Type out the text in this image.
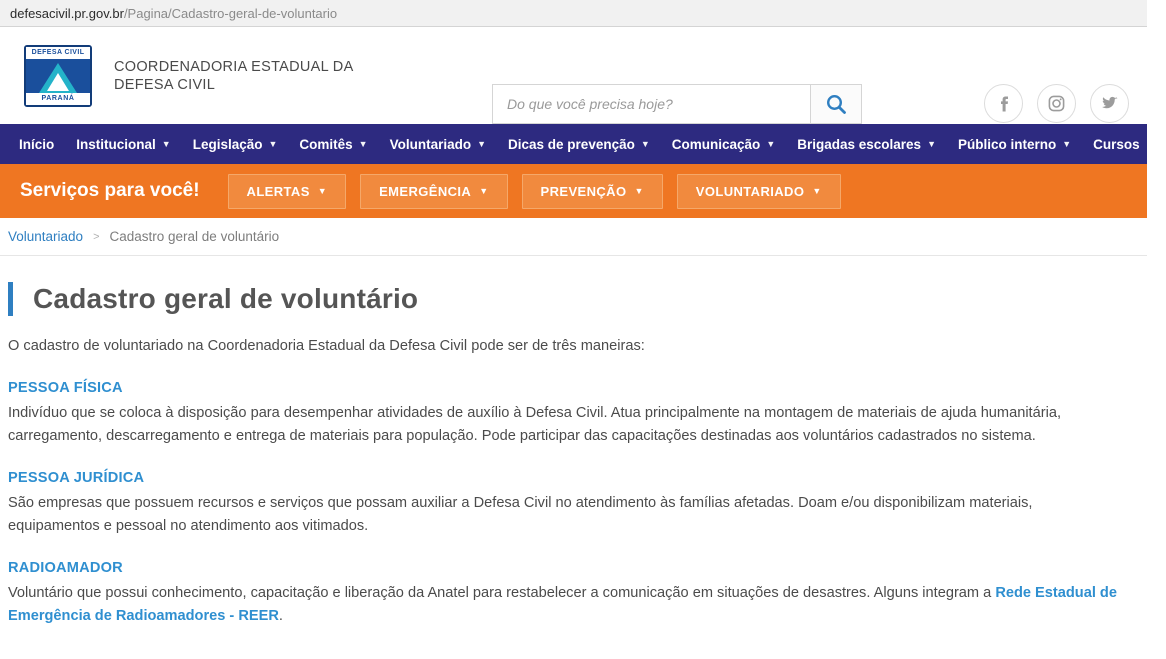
defesacivil.pr.gov.br /Pagina/Cadastro-geral-de-voluntario
DEFESA CIVIL
PARANÁ
COORDENADORIA ESTADUAL DA DEFESA CIVIL
Do que você precisa hoje?
Início Institucional ▼ Legislação ▼ Comitês ▼ Voluntariado ▼ Dicas de prevenção ▼ Comunicação ▼ Brigadas escolares ▼ Público interno ▼ Cursos ▼
Serviços para você!	ALERTAS ▼	EMERGÊNCIA ▼	PREVENÇÃO ▼	VOLUNTARIADO ▼
Voluntariado > Cadastro geral de voluntário
Cadastro geral de voluntário

O cadastro de voluntariado na Coordenadoria Estadual da Defesa Civil pode ser de três maneiras:

PESSOA FÍSICA

Indivíduo que se coloca à disposição para desempenhar atividades de auxílio à Defesa Civil. Atua principalmente na montagem de materiais de ajuda humanitária, carregamento, descarregamento e entrega de materiais para população. Pode participar das capacitações destinadas aos voluntários cadastrados no sistema.

PESSOA JURÍDICA

São empresas que possuem recursos e serviços que possam auxiliar a Defesa Civil no atendimento às famílias afetadas. Doam e/ou disponibilizam materiais, equipamentos e pessoal no atendimento aos vitimados.

RADIOAMADOR

Voluntário que possui conhecimento, capacitação e liberação da Anatel para restabelecer a comunicação em situações de desastres. Alguns integram a Rede Estadual de Emergência de Radioamadores - REER.
